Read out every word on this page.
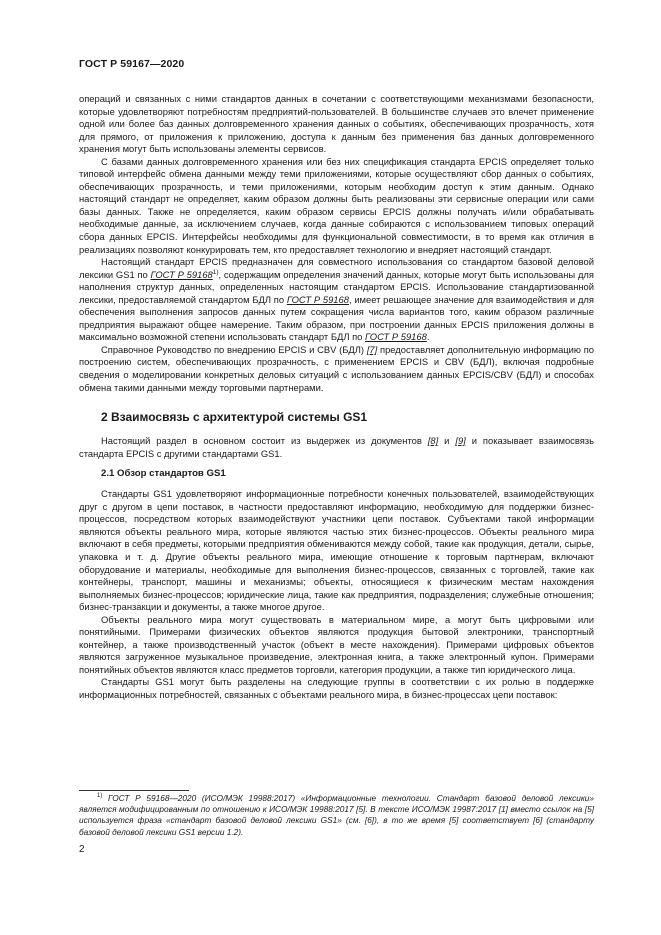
ГОСТ Р 59167—2020

операций и связанных с ними стандартов данных в сочетании с соответствующими механизмами безопасности, которые удовлетворяют потребностям предприятий-пользователей. В большинстве случаев это влечет применение одной или более баз данных долговременного хранения данных о событиях, обеспечивающих прозрачность, хотя для прямого, от приложения к приложению, доступа к данным без применения баз данных долговременного хранения могут быть использованы элементы сервисов.

С базами данных долговременного хранения или без них спецификация стандарта EPCIS определяет только типовой интерфейс обмена данными между теми приложениями, которые осуществляют сбор данных о событиях, обеспечивающих прозрачность, и теми приложениями, которым необходим доступ к этим данным. Однако настоящий стандарт не определяет, каким образом должны быть реализованы эти сервисные операции или сами базы данных. Также не определяется, каким образом сервисы EPCIS должны получать и/или обрабатывать необходимые данные, за исключением случаев, когда данные собираются с использованием типовых операций сбора данных EPCIS. Интерфейсы необходимы для функциональной совместимости, в то время как отличия в реализациях позволяют конкурировать тем, кто предоставляет технологию и внедряет настоящий стандарт.

Настоящий стандарт EPCIS предназначен для совместного использования со стандартом базовой деловой лексики GS1 по ГОСТ Р 59168$^{1)}$, содержащим определения значений данных, которые могут быть использованы для наполнения структур данных, определенных настоящим стандартом EPCIS. Использование стандартизованной лексики, предоставляемой стандартом БДЛ по ГОСТ Р 59168, имеет решающее значение для взаимодействия и для обеспечения выполнения запросов данных путем сокращения числа вариантов того, каким образом различные предприятия выражают общее намерение. Таким образом, при построении данных EPCIS приложения должны в максимально возможной степени использовать стандарт БДЛ по ГОСТ Р 59168.

Справочное Руководство по внедрению EPCIS и CBV (БДЛ) [7] предоставляет дополнительную информацию по построению систем, обеспечивающих прозрачность, с применением EPCIS и CBV (БДЛ), включая подробные сведения о моделировании конкретных деловых ситуаций с использованием данных EPCIS/CBV (БДЛ) и способах обмена такими данными между торговыми партнерами.

2 Взаимосвязь с архитектурой системы GS1

Настоящий раздел в основном состоит из выдержек из документов [8] и [9] и показывает взаимосвязь стандарта EPCIS с другими стандартами GS1.

2.1 Обзор стандартов GS1

Стандарты GS1 удовлетворяют информационные потребности конечных пользователей, взаимодействующих друг с другом в цепи поставок, в частности предоставляют информацию, необходимую для поддержки бизнес-процессов, посредством которых взаимодействуют участники цепи поставок. Субъектами такой информации являются объекты реального мира, которые являются частью этих бизнес-процессов. Объекты реального мира включают в себя предметы, которыми предприятия обмениваются между собой, такие как продукция, детали, сырье, упаковка и т. д. Другие объекты реального мира, имеющие отношение к торговым партнерам, включают оборудование и материалы, необходимые для выполнения бизнес-процессов, связанных с торговлей, такие как контейнеры, транспорт, машины и механизмы; объекты, относящиеся к физическим местам нахождения выполняемых бизнес-процессов; юридические лица, такие как предприятия, подразделения; служебные отношения; бизнес-транзакции и документы, а также многое другое.

Объекты реального мира могут существовать в материальном мире, а могут быть цифровыми или понятийными. Примерами физических объектов являются продукция бытовой электроники, транспортный контейнер, а также производственный участок (объект в месте нахождения). Примерами цифровых объектов являются загруженное музыкальное произведение, электронная книга, а также электронный купон. Примерами понятийных объектов являются класс предметов торговли, категория продукции, а также тип юридического лица.

Стандарты GS1 могут быть разделены на следующие группы в соответствии с их ролью в поддержке информационных потребностей, связанных с объектами реального мира, в бизнес-процессах цепи поставок:

$^{1)}$ ГОСТ Р 59168—2020 (ИСО/МЭК 19988:2017) «Информационные технологии. Стандарт базовой деловой лексики» является модифицированным по отношению к ИСО/МЭК 19988:2017 [5]. В тексте ИСО/МЭК 19987:2017 [1] вместо ссылок на [5] используется фраза «стандарт базовой деловой лексики GS1» (см. [6]), в то же время [5] соответствует [6] (стандарту базовой деловой лексики GS1 версии 1.2).
2
